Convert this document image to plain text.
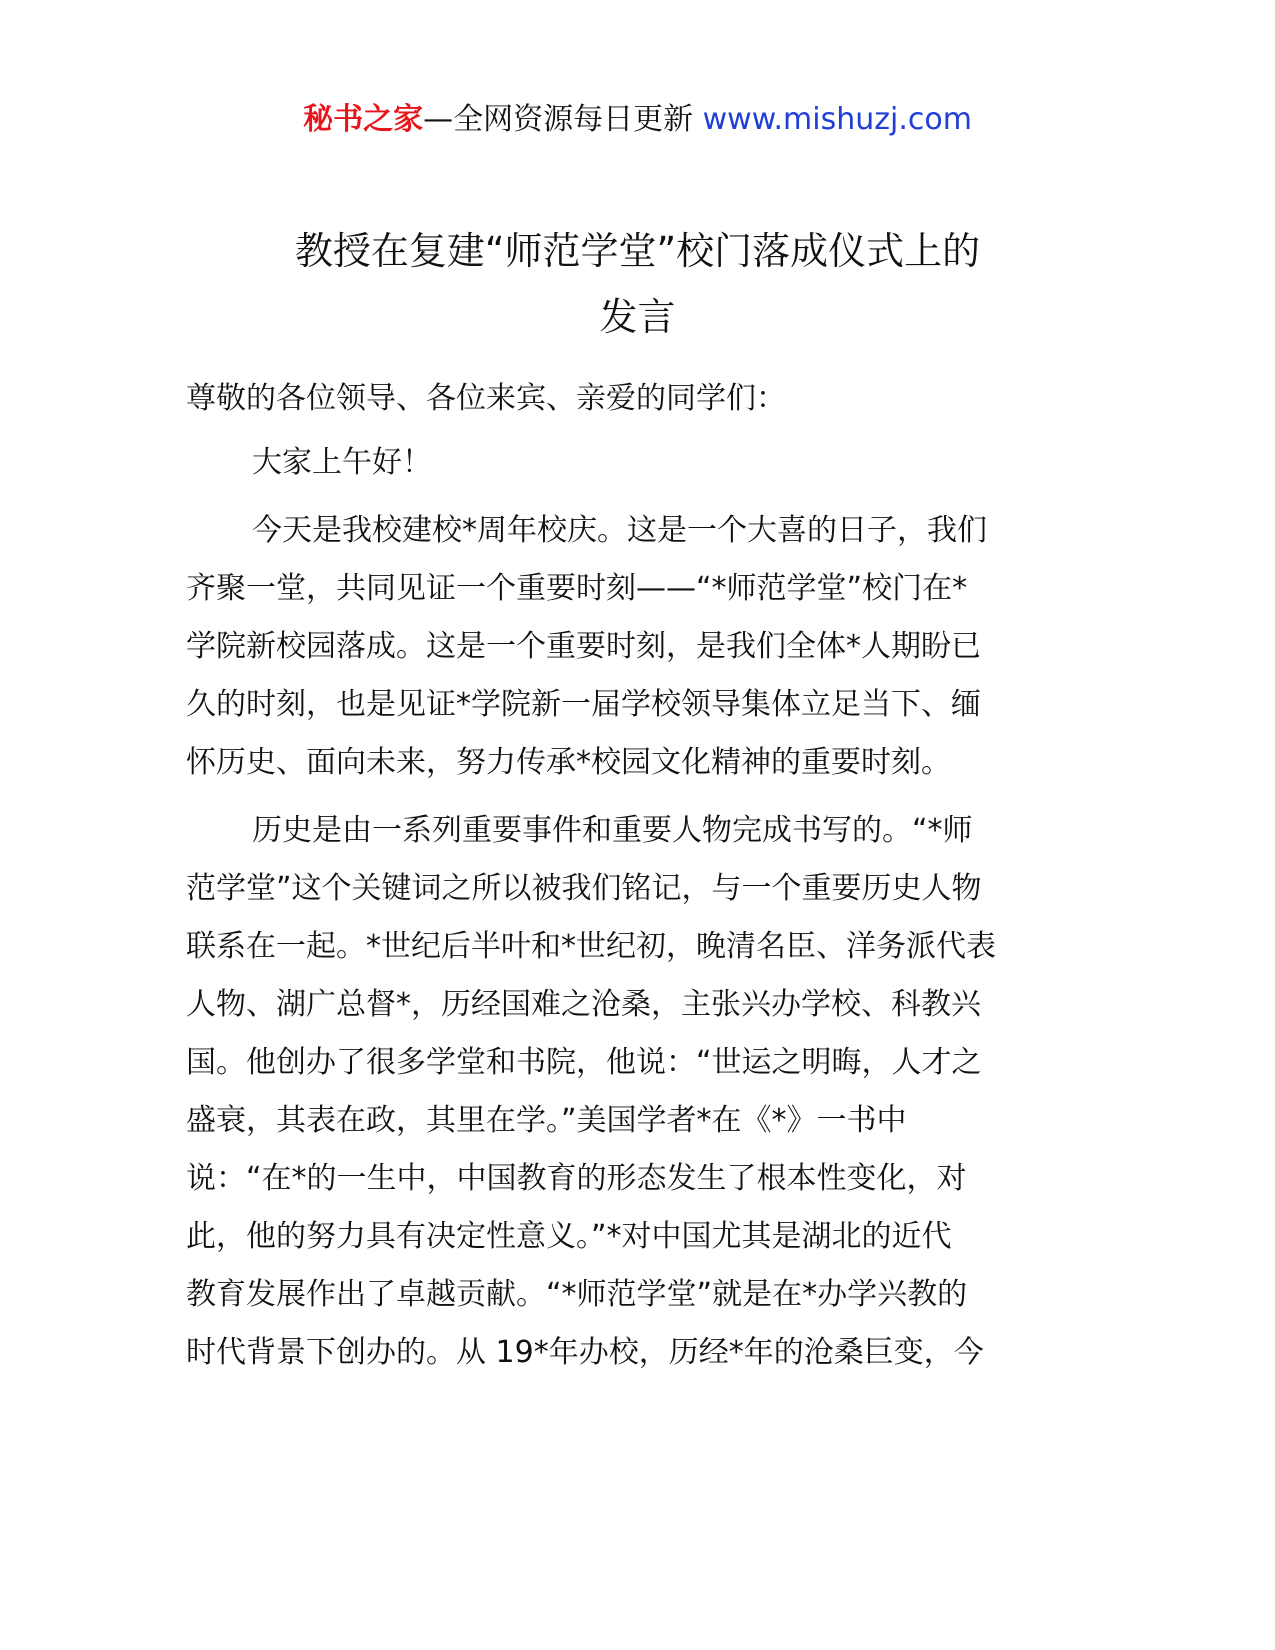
秘书之家—全网资源每日更新 www.mishuzj.com
教授在复建“师范学堂”校门落成仪式上的
发言
尊敬的各位领导、各位来宾、亲爱的同学们：
大家上午好！
今天是我校建校*周年校庆。这是一个大喜的日子，我们
齐聚一堂，共同见证一个重要时刻——“*师范学堂”校门在*
学院新校园落成。这是一个重要时刻，是我们全体*人期盼已
久的时刻，也是见证*学院新一届学校领导集体立足当下、缅
怀历史、面向未来，努力传承*校园文化精神的重要时刻。
历史是由一系列重要事件和重要人物完成书写的。“*师
范学堂”这个关键词之所以被我们铭记，与一个重要历史人物
联系在一起。*世纪后半叶和*世纪初，晚清名臣、洋务派代表
人物、湖广总督*，历经国难之沧桑，主张兴办学校、科教兴
国。他创办了很多学堂和书院，他说：“世运之明晦，人才之
盛衰，其表在政，其里在学。”美国学者*在《*》一书中
说：“在*的一生中，中国教育的形态发生了根本性变化，对
此，他的努力具有决定性意义。”*对中国尤其是湖北的近代
教育发展作出了卓越贡献。“*师范学堂”就是在*办学兴教的
时代背景下创办的。从 19*年办校，历经*年的沧桑巨变，今
